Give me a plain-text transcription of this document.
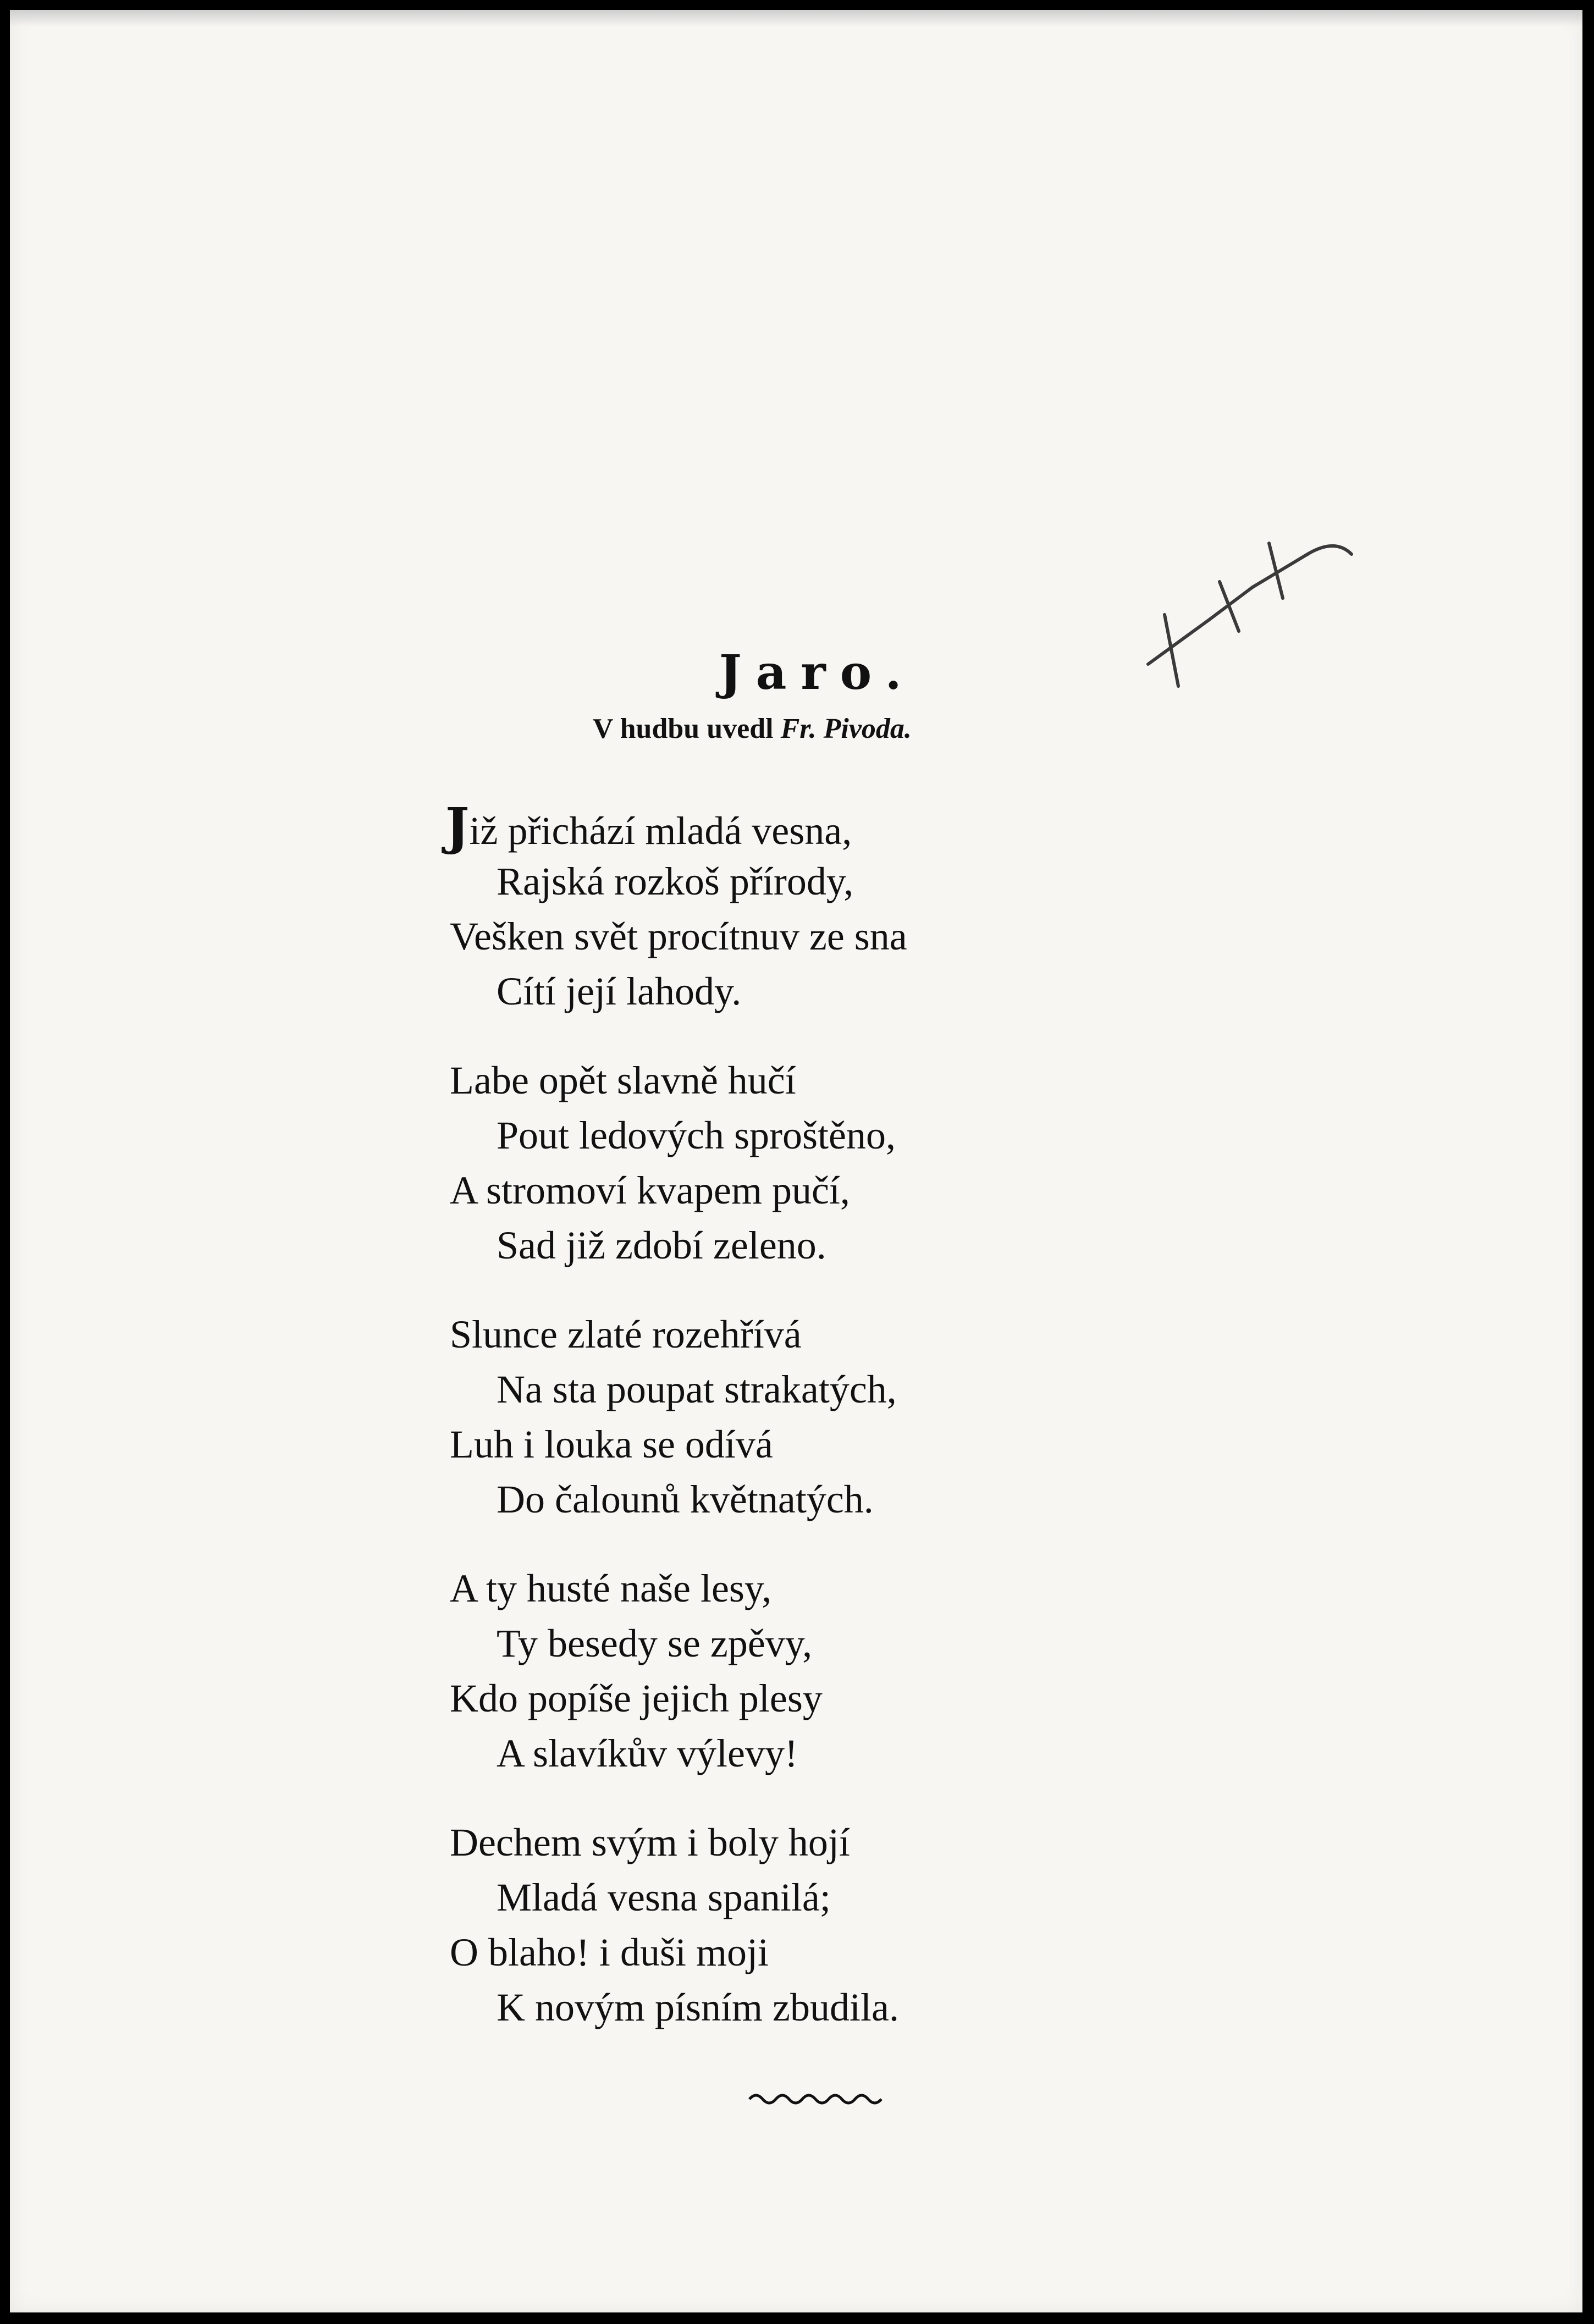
Jaro.
V hudbu uvedl Fr. Pivoda.
Již přichází mladá vesna,
Rajská rozkoš přírody,
Vešken svět procítnuv ze sna
Cítí její lahody.
Labe opět slavně hučí
Pout ledových sproštěno,
A stromoví kvapem pučí,
Sad již zdobí zeleno.
Slunce zlaté rozehřívá
Na sta poupat strakatých,
Luh i louka se odívá
Do čalounů květnatých.
A ty husté naše lesy,
Ty besedy se zpěvy,
Kdo popíše jejich plesy
A slavíkův výlevy!
Dechem svým i boly hojí
Mladá vesna spanilá;
O blaho! i duši moji
K novým písním zbudila.
